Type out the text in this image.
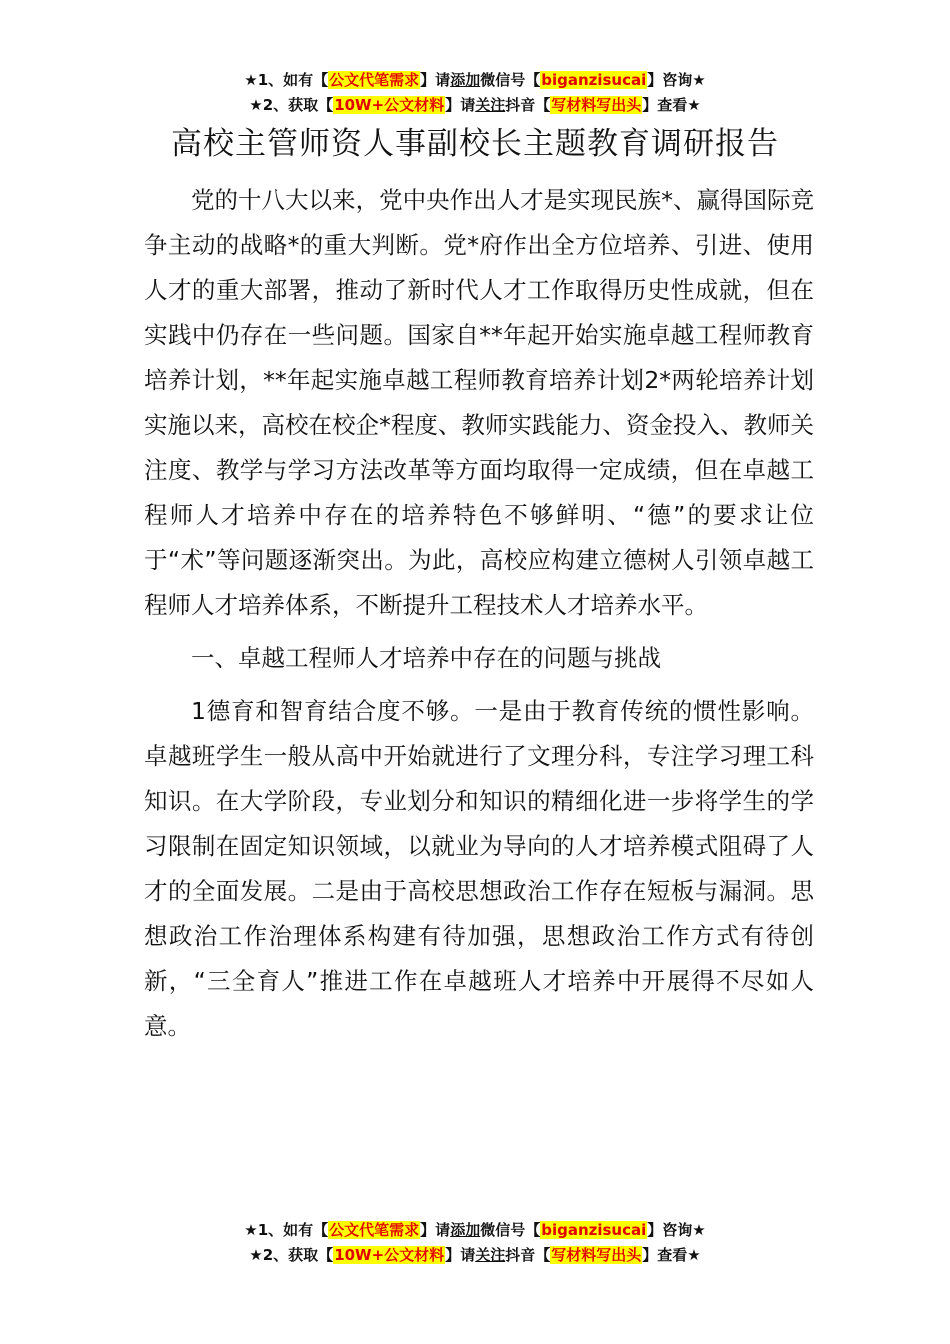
★1、如有【公文代笔需求】请添加微信号【biganzisucai】咨询★
★2、获取【10W+公文材料】请关注抖音【写材料写出头】查看★
高校主管师资人事副校长主题教育调研报告

党的十八大以来，党中央作出人才是实现民族*、赢得国际竞争主动的战略*的重大判断。党*府作出全方位培养、引进、使用人才的重大部署，推动了新时代人才工作取得历史性成就，但在实践中仍存在一些问题。国家自**年起开始实施卓越工程师教育培养计划，**年起实施卓越工程师教育培养计划2*两轮培养计划实施以来，高校在校企*程度、教师实践能力、资金投入、教师关注度、教学与学习方法改革等方面均取得一定成绩，但在卓越工程师人才培养中存在的培养特色不够鲜明、“德”的要求让位于“术”等问题逐渐突出。为此，高校应构建立德树人引领卓越工程师人才培养体系，不断提升工程技术人才培养水平。

一、卓越工程师人才培养中存在的问题与挑战

1德育和智育结合度不够。一是由于教育传统的惯性影响。卓越班学生一般从高中开始就进行了文理分科，专注学习理工科知识。在大学阶段，专业划分和知识的精细化进一步将学生的学习限制在固定知识领域，以就业为导向的人才培养模式阻碍了人才的全面发展。二是由于高校思想政治工作存在短板与漏洞。思想政治工作治理体系构建有待加强，思想政治工作方式有待创新，“三全育人”推进工作在卓越班人才培养中开展得不尽如人意。

★1、如有【公文代笔需求】请添加微信号【biganzisucai】咨询★
★2、获取【10W+公文材料】请关注抖音【写材料写出头】查看★
